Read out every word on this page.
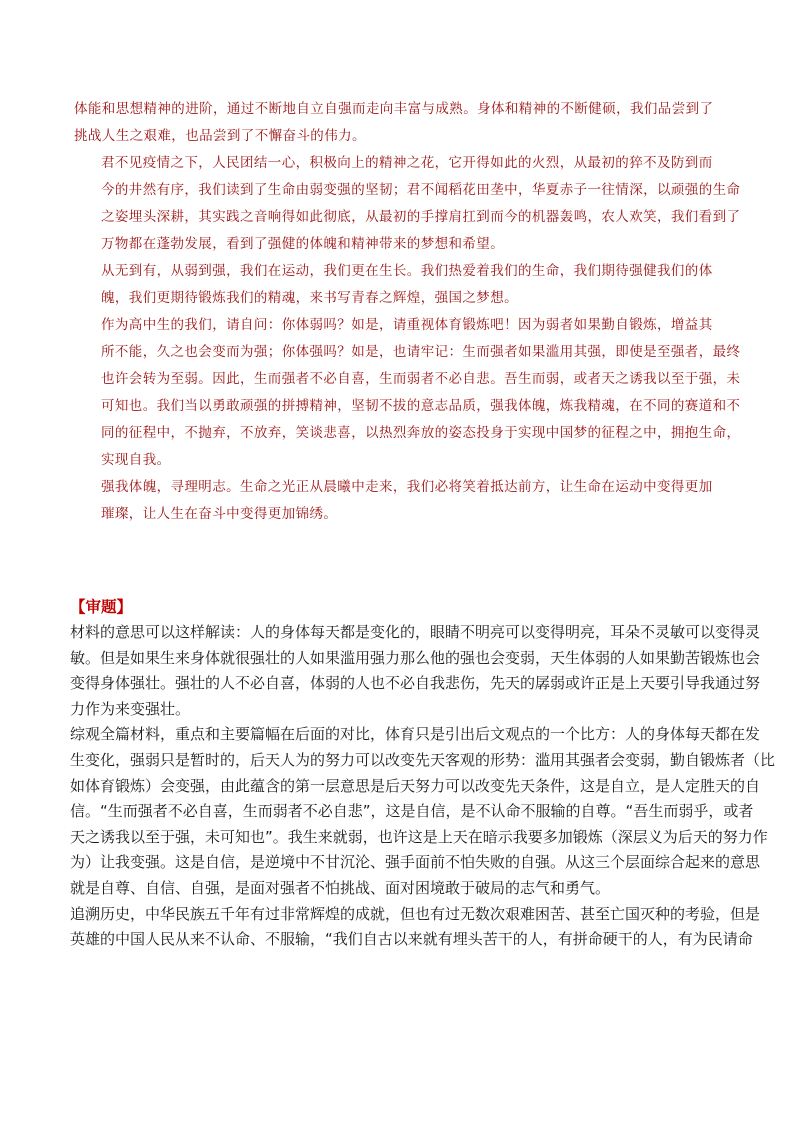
体能和思想精神的进阶，通过不断地自立自强而走向丰富与成熟。身体和精神的不断健硕，我们品尝到了
挑战人生之艰难，也品尝到了不懈奋斗的伟力。

君不见疫情之下，人民团结一心，积极向上的精神之花，它开得如此的火烈，从最初的猝不及防到而
今的井然有序，我们读到了生命由弱变强的坚韧；君不闻稻花田垄中，华夏赤子一往情深，以顽强的生命
之姿埋头深耕，其实践之音响得如此彻底，从最初的手撑肩扛到而今的机器轰鸣，农人欢笑，我们看到了
万物都在蓬勃发展，看到了强健的体魄和精神带来的梦想和希望。

从无到有，从弱到强，我们在运动，我们更在生长。我们热爱着我们的生命，我们期待强健我们的体
魄，我们更期待锻炼我们的精魂，来书写青春之辉煌，强国之梦想。

作为高中生的我们，请自问：你体弱吗？如是，请重视体育锻炼吧！因为弱者如果勤自锻炼，增益其
所不能，久之也会变而为强；你体强吗？如是，也请牢记：生而强者如果滥用其强，即使是至强者，最终
也许会转为至弱。因此，生而强者不必自喜，生而弱者不必自悲。吾生而弱，或者天之诱我以至于强，未
可知也。我们当以勇敢顽强的拼搏精神，坚韧不拔的意志品质，强我体魄，炼我精魂，在不同的赛道和不
同的征程中，不抛弃，不放弃，笑谈悲喜，以热烈奔放的姿态投身于实现中国梦的征程之中，拥抱生命，
实现自我。

强我体魄，寻理明志。生命之光正从晨曦中走来，我们必将笑着抵达前方，让生命在运动中变得更加
璀璨，让人生在奋斗中变得更加锦绣。

【审题】

材料的意思可以这样解读：人的身体每天都是变化的，眼睛不明亮可以变得明亮，耳朵不灵敏可以变得灵
敏。但是如果生来身体就很强壮的人如果滥用强力那么他的强也会变弱，天生体弱的人如果勤苦锻炼也会
变得身体强壮。强壮的人不必自喜，体弱的人也不必自我悲伤，先天的孱弱或许正是上天要引导我通过努
力作为来变强壮。

综观全篇材料，重点和主要篇幅在后面的对比，体育只是引出后文观点的一个比方：人的身体每天都在发
生变化，强弱只是暂时的，后天人为的努力可以改变先天客观的形势：滥用其强者会变弱，勤自锻炼者（比
如体育锻炼）会变强，由此蕴含的第一层意思是后天努力可以改变先天条件，这是自立，是人定胜天的自
信。“生而强者不必自喜，生而弱者不必自悲”，这是自信，是不认命不服输的自尊。“吾生而弱乎，或者
天之诱我以至于强，未可知也”。我生来就弱，也许这是上天在暗示我要多加锻炼（深层义为后天的努力作
为）让我变强。这是自信，是逆境中不甘沉沦、强手面前不怕失败的自强。从这三个层面综合起来的意思
就是自尊、自信、自强，是面对强者不怕挑战、面对困境敢于破局的志气和勇气。

追溯历史，中华民族五千年有过非常辉煌的成就，但也有过无数次艰难困苦、甚至亡国灭种的考验，但是
英雄的中国人民从来不认命、不服输，“我们自古以来就有埋头苦干的人，有拼命硬干的人，有为民请命
